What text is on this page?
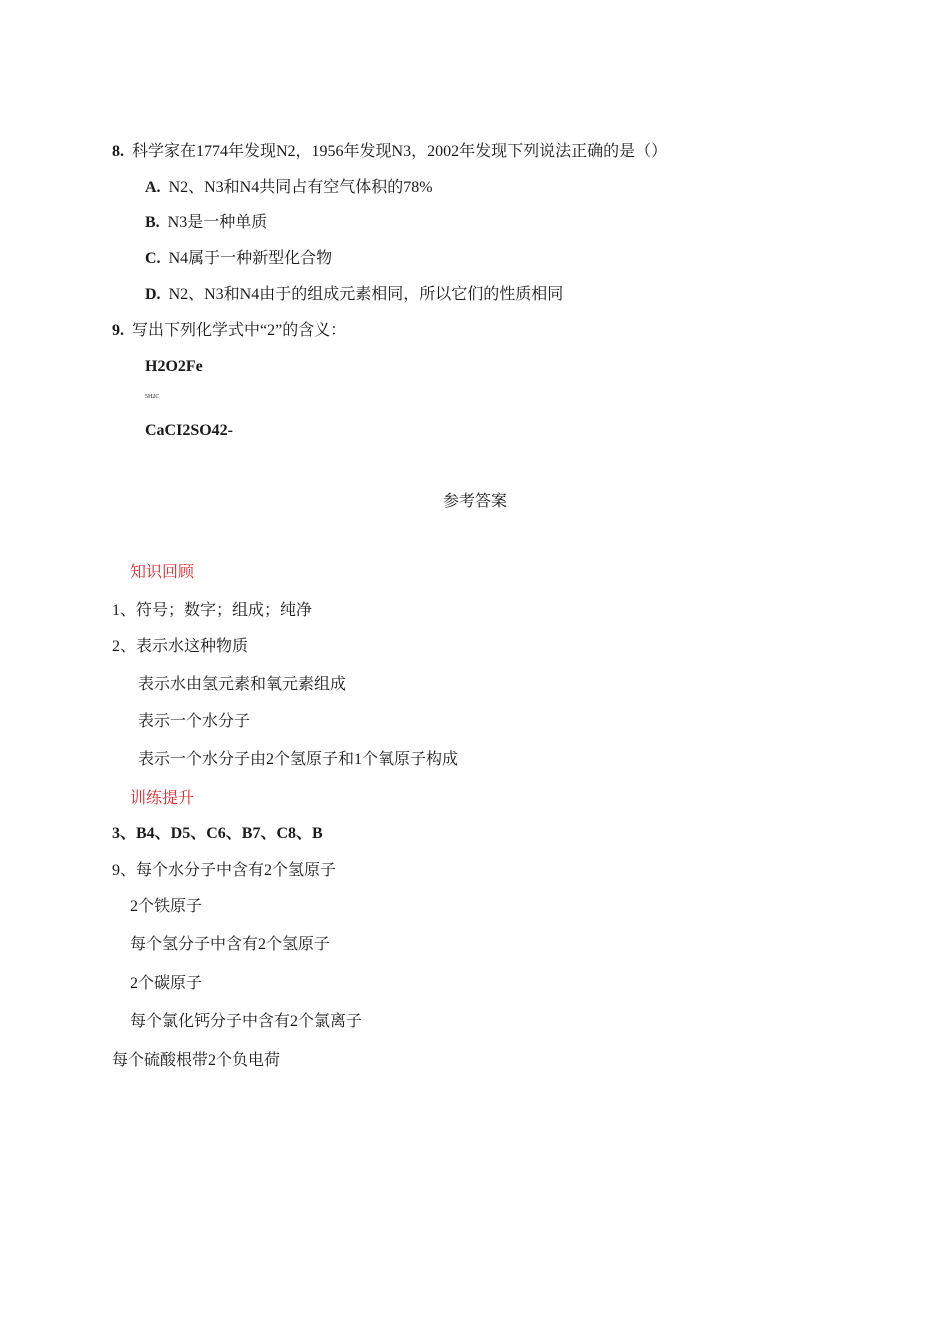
8. 科学家在1774年发现N2，1956年发现N3，2002年发现下列说法正确的是（）
A. N2、N3和N4共同占有空气体积的78%
B. N3是一种单质
C. N4属于一种新型化合物
D. N2、N3和N4由于的组成元素相同，所以它们的性质相同
9. 写出下列化学式中“2”的含义：
H2O2Fe
5H2C
CaCI2SO42-
参考答案
知识回顾
1、符号；数字；组成；纯净
2、表示水这种物质
表示水由氢元素和氧元素组成
表示一个水分子
表示一个水分子由2个氢原子和1个氧原子构成
训练提升
3、B4、D5、C6、B7、C8、B
9、每个水分子中含有2个氢原子
2个铁原子
每个氢分子中含有2个氢原子
2个碳原子
每个氯化钙分子中含有2个氯离子
每个硫酸根带2个负电荷
